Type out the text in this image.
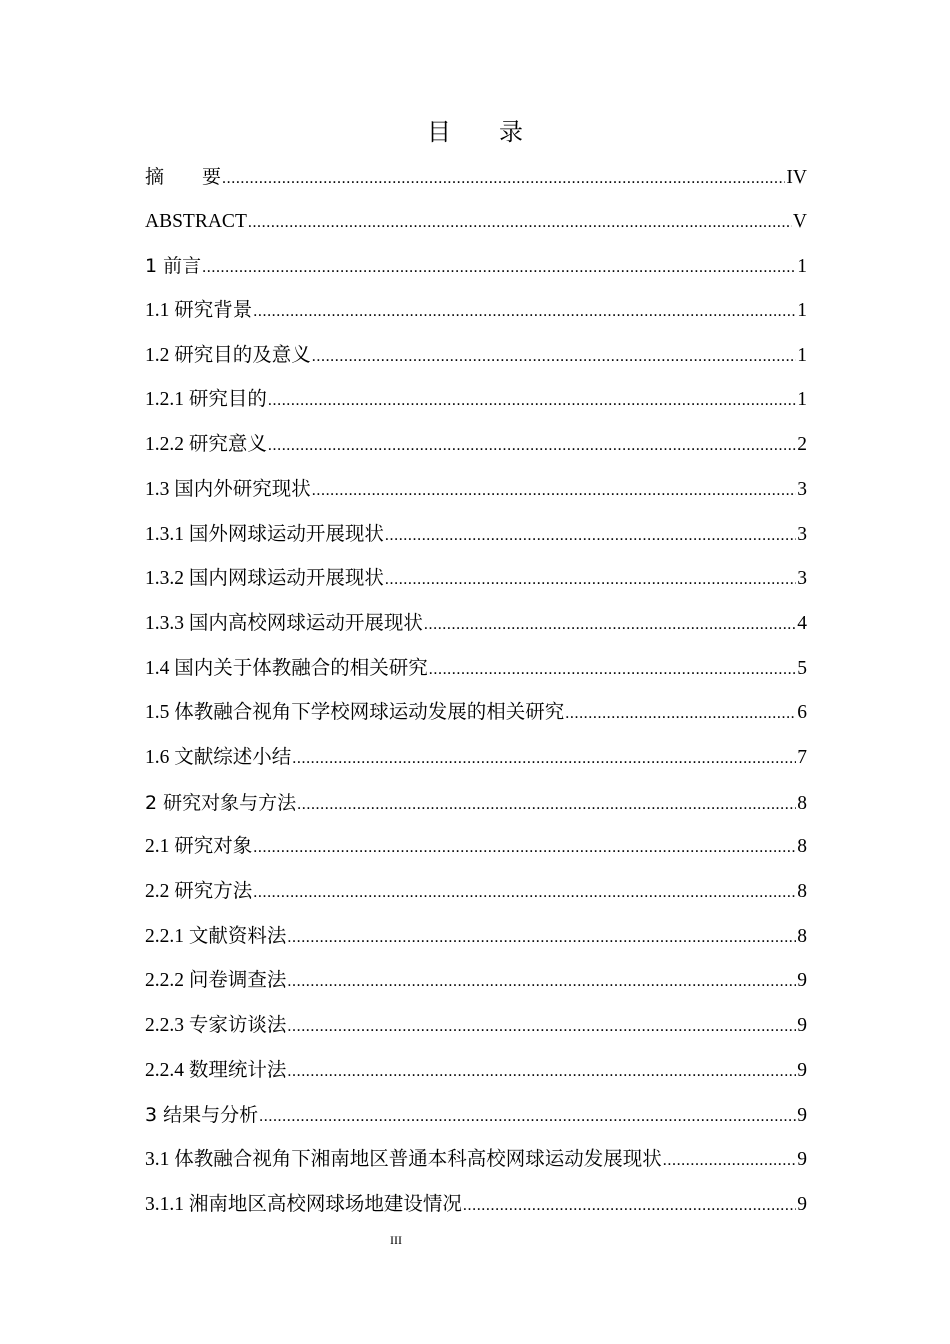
目　　录
摘　　要 .....	IV
ABSTRACT .....	V
1 前言 .....	1
1.1 研究背景 .....	1
1.2 研究目的及意义 .....	1
1.2.1 研究目的 .....	1
1.2.2 研究意义 .....	2
1.3 国内外研究现状 .....	3
1.3.1 国外网球运动开展现状 .....	3
1.3.2 国内网球运动开展现状 .....	3
1.3.3 国内高校网球运动开展现状 .....	4
1.4 国内关于体教融合的相关研究 .....	5
1.5 体教融合视角下学校网球运动发展的相关研究 .....	6
1.6 文献综述小结 .....	7
2 研究对象与方法 .....	8
2.1 研究对象 .....	8
2.2 研究方法 .....	8
2.2.1 文献资料法 .....	8
2.2.2 问卷调查法 .....	9
2.2.3 专家访谈法 .....	9
2.2.4 数理统计法 .....	9
3 结果与分析 .....	9
3.1 体教融合视角下湘南地区普通本科高校网球运动发展现状 .....	9
3.1.1 湘南地区高校网球场地建设情况 .....	9
III
